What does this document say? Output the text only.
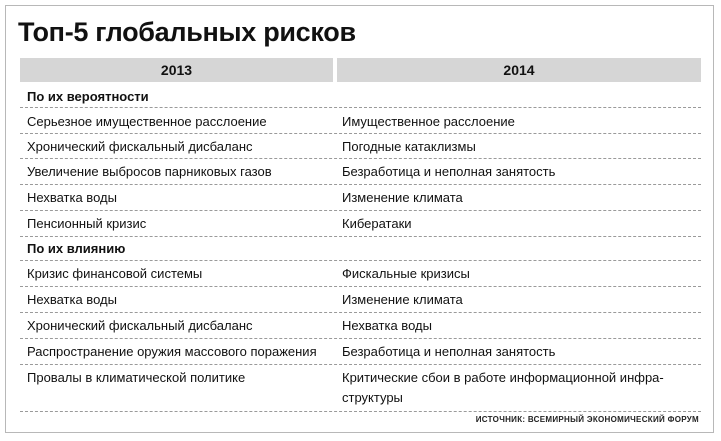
Топ-5 глобальных рисков
2013	2014
По их вероятности
Серьезное имущественное расслоение	Имущественное расслоение
Хронический фискальный дисбаланс	Погодные катаклизмы
Увеличение выбросов парниковых газов	Безработица и неполная занятость
Нехватка воды	Изменение климата
Пенсионный кризис	Кибератаки
По их влиянию
Кризис финансовой системы	Фискальные кризисы
Нехватка воды	Изменение климата
Хронический фискальный дисбаланс	Нехватка воды
Распространение оружия массового поражения	Безработица и неполная занятость
Провалы в климатической политике	Критические сбои в работе информационной инфра-
структуры
ИСТОЧНИК: ВСЕМИРНЫЙ ЭКОНОМИЧЕСКИЙ ФОРУМ
